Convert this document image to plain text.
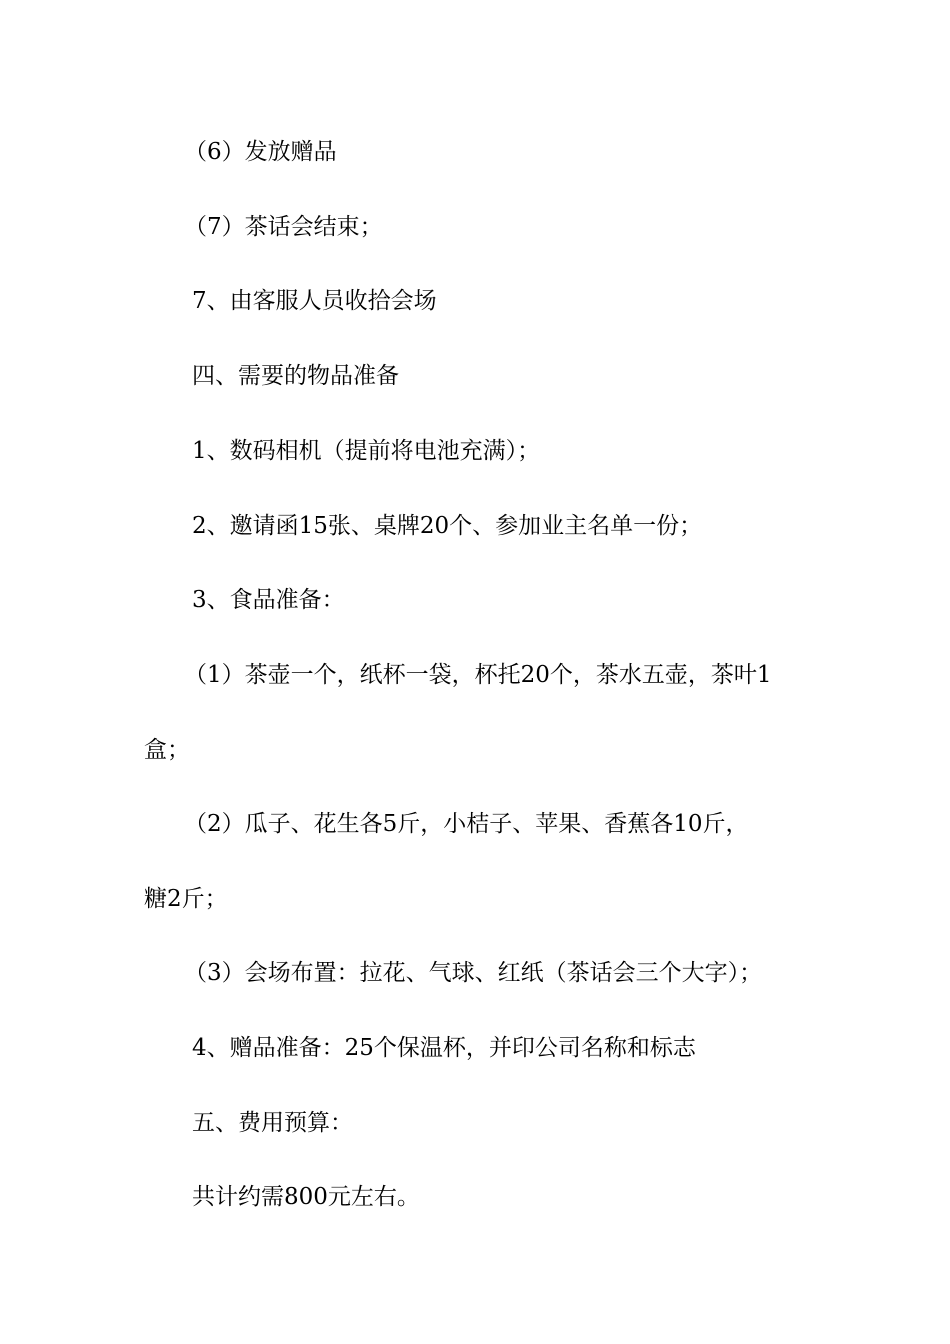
（6）发放赠品
（7）茶话会结束；
7、由客服人员收拾会场
四、需要的物品准备
1、数码相机（提前将电池充满）；
2、邀请函15张、桌牌20个、参加业主名单一份；
3、食品准备：
（1）茶壶一个，纸杯一袋，杯托20个，茶水五壶，茶叶1
盒；
（2）瓜子、花生各5斤，小桔子、苹果、香蕉各10斤，
糖2斤；
（3）会场布置：拉花、气球、红纸（茶话会三个大字）；
4、赠品准备：25个保温杯，并印公司名称和标志
五、费用预算：
共计约需800元左右。
